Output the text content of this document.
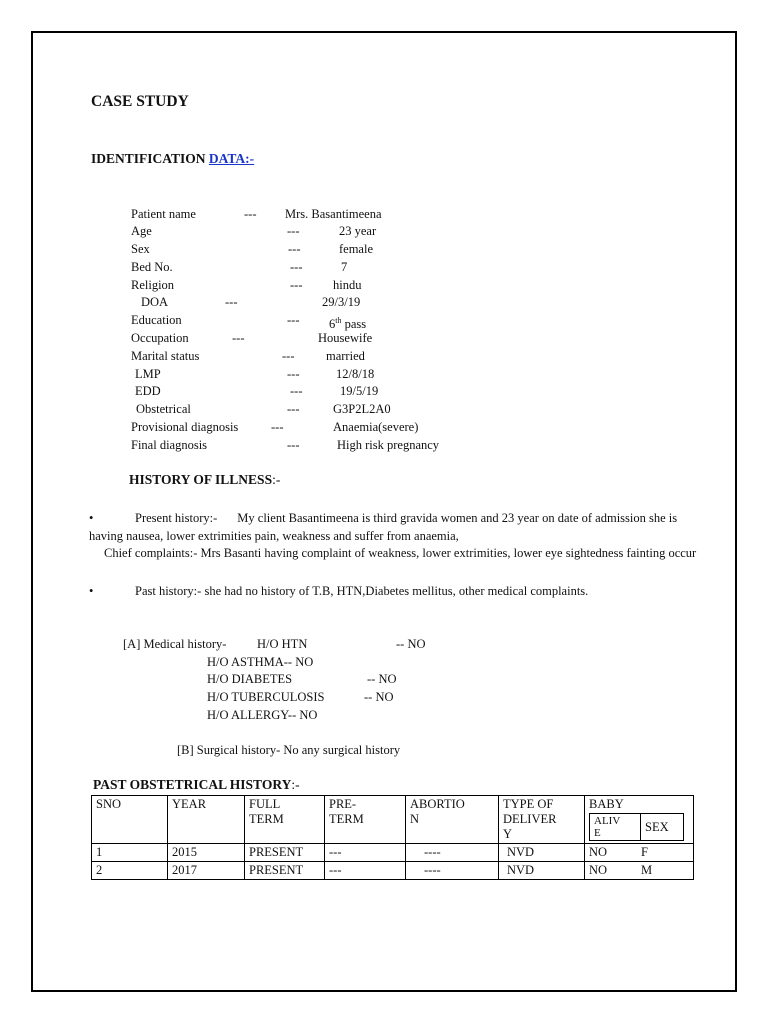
CASE STUDY
IDENTIFICATION DATA:-
Patient name	--- Mrs. Basantimeena
Age	---	23 year
Sex	---	female
Bed No.	---	7
Religion	--- hindu
DOA	---	29/3/19
Education	--- 6th pass
Occupation	---	Housewife
Marital status	---	married
LMP	---	12/8/18
EDD	---	19/5/19
Obstetrical	---	G3P2L2A0
Provisional diagnosis	---	Anaemia(severe)
Final diagnosis	---	High risk pregnancy
HISTORY OF ILLNESS:-
•	Present history:- My client Basantimeena is third gravida women and 23 year on date of admission she is having nausea, lower extrimities pain, weakness and suffer from anaemia,
Chief complaints:- Mrs Basanti having complaint of weakness, lower extrimities, lower eye sightedness fainting occur
•	Past history:- she had no history of T.B, HTN,Diabetes mellitus, other medical complaints.
[A] Medical history- H/O HTN	-- NO
H/O ASTHMA-- NO
H/O DIABETES	-- NO
H/O TUBERCULOSIS	-- NO
H/O ALLERGY-- NO
[B] Surgical history- No any surgical history
PAST OBSTETRICAL HISTORY:-
SNO	YEAR	FULL
TERM

PRE-
TERM

ABORTIO
N

TYPE OF
DELIVER
Y

BABY
ALIV
E	SEX

1	2015	PRESENT	---	----	NVD	NO	F
2	2017	PRESENT	---	----	NVD	NO	M
